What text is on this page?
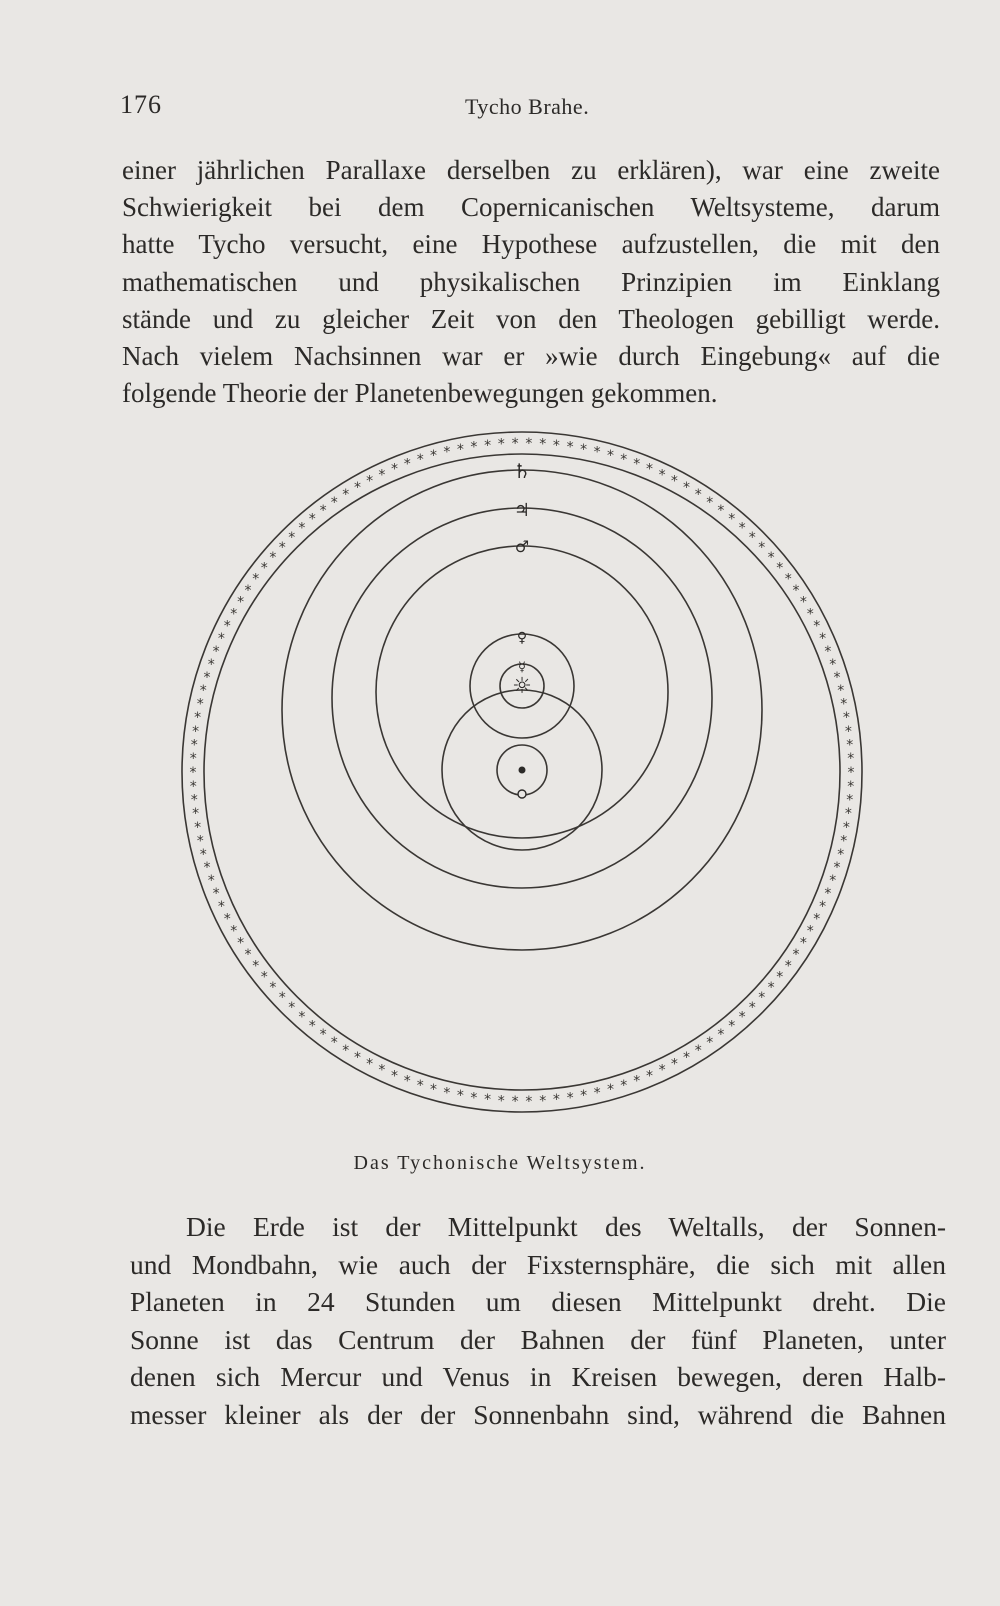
176	Tycho Brahe.

einer jährlichen Parallaxe derselben zu erklären), war eine zweite
Schwierigkeit bei dem Copernicanischen Weltsysteme, darum
hatte Tycho versucht, eine Hypothese aufzustellen, die mit den
mathematischen und physikalischen Prinzipien im Einklang
stände und zu gleicher Zeit von den Theologen gebilligt werde.
Nach vielem Nachsinnen war er »wie durch Eingebung« auf die
folgende Theorie der Planetenbewegungen gekommen.

*
*
*
*
*
*
*
*
*
*
*
*
*
*
*
*
*
*
*
*
*
*
*
*
*
*
*
*
*
*
*
*
*
*
*
*
*
*
*
*
*
*
*
*
*
*
*
*
*
*
*
*
*
*
*
*
*
*
*
*
*
*
*
*
*
*
*
*
*
*
*
*
*
*
*
*
*
*
*
*
*
*
*
*
*
*
*
*
*
*
*
*
*
*
*
*
*
*
* * * * * * * * * * * * * * * * * * * * * * * * * * * * * *
*
*
*
*
*
*
*
*
*
*
*
*
*
*
*
*
*
*
*
*
*
*
♄
♃
♂
♀
☿
☼
Das Tychonische Weltsystem.

Die Erde ist der Mittelpunkt des Weltalls, der Sonnen-
und Mondbahn, wie auch der Fixsternsphäre, die sich mit allen
Planeten in 24 Stunden um diesen Mittelpunkt dreht. Die
Sonne ist das Centrum der Bahnen der fünf Planeten, unter
denen sich Mercur und Venus in Kreisen bewegen, deren Halb-
messer kleiner als der der Sonnenbahn sind, während die Bahnen
